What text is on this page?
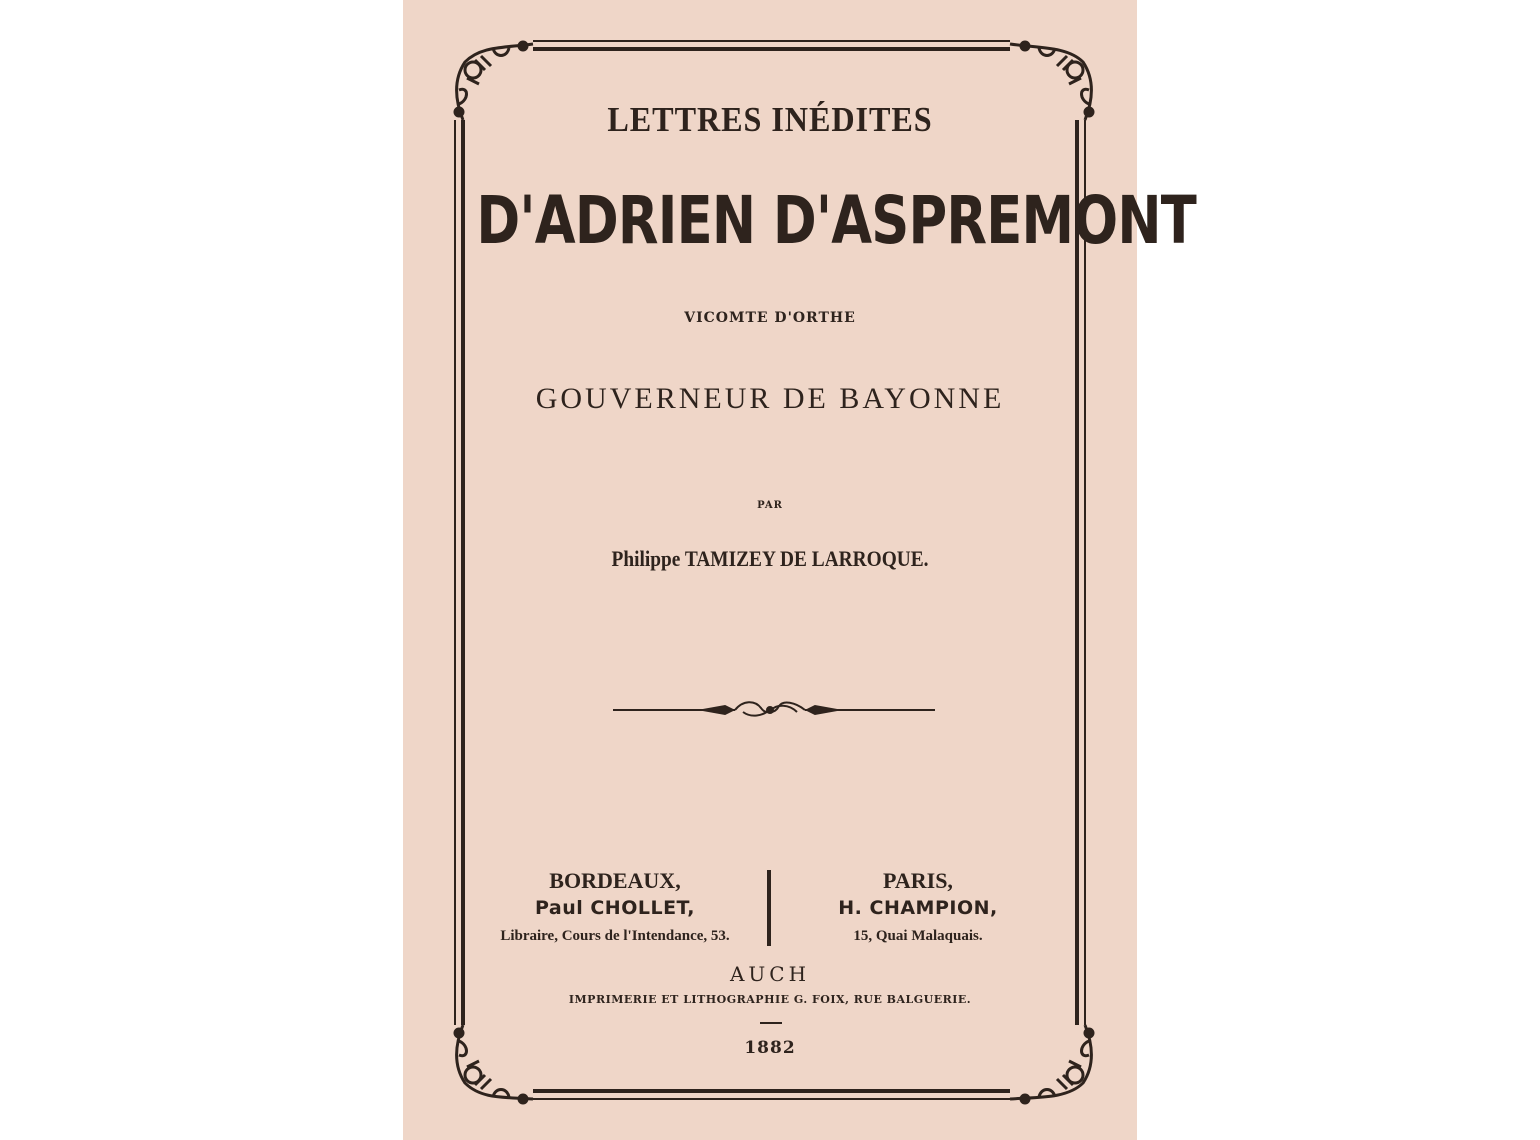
LETTRES INÉDITES

D'ADRIEN D'ASPREMONT

VICOMTE D'ORTHE

GOUVERNEUR DE BAYONNE

PAR

Philippe TAMIZEY DE LARROQUE.

BORDEAUX,

Paul CHOLLET,

Libraire, Cours de l'Intendance, 53.

PARIS,

H. CHAMPION,

15, Quai Malaquais.

AUCH

IMPRIMERIE ET LITHOGRAPHIE G. FOIX, RUE BALGUERIE.

1882
